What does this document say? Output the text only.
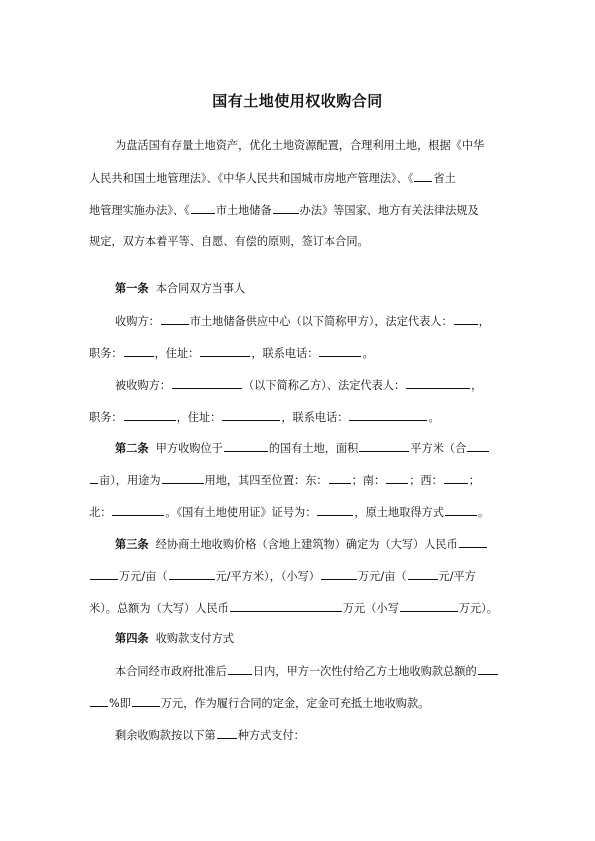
国有土地使用权收购合同
为盘活国有存量土地资产，优化土地资源配置，合理利用土地，根据《中华
人民共和国土地管理法》、《中华人民共和国城市房地产管理法》、《 省土
地管理实施办法》、《 市土地储备	办法》等国家、地方有关法律法规及
规定，双方本着平等、自愿、有偿的原则，签订本合同。
第一条 本合同双方当事人
收购方：	市土地储备供应中心（以下简称甲方），法定代表人： ，
职务：	，住址：	，联系电话：	。
被收购方：	（以下简称乙方）、法定代表人：	，
职务：	，住址：	，联系电话：	。
第二条 甲方收购位于	的国有土地，面积	平方米（合
亩），用途为	用地，其四至位置：东： ；南： ；西： ；
北：	。《国有土地使用证》证号为：	，原土地取得方式	。
第三条 经协商土地收购价格（含地上建筑物）确定为（大写）人民币
万元/亩（	元/平方米），（小写）	万元/亩（	元/平方
米）。总额为（大写）人民币	万元（小写	万元）。
第四条 收购款支付方式
本合同经市政府批准后 日内，甲方一次性付给乙方土地收购款总额的
%即	万元，作为履行合同的定金，定金可充抵土地收购款。
剩余收购款按以下第 种方式支付：
